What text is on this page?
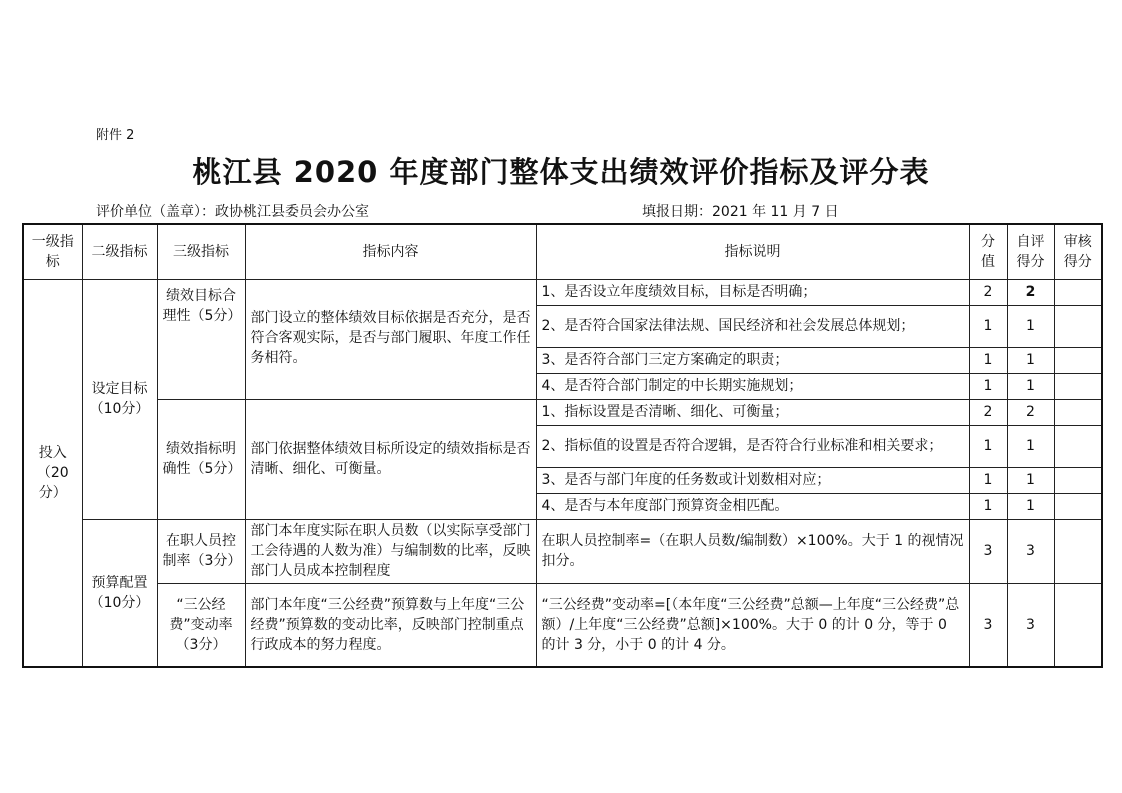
附件 2
桃江县 2020 年度部门整体支出绩效评价指标及评分表
评价单位（盖章）：政协桃江县委员会办公室	填报日期：2021 年 11 月 7 日
一级指标	二级指标	三级指标	指标内容	指标说明	分值	自评得分	审核得分
投入（20分）	设定目标（10分）	绩效目标合理性（5分）	部门设立的整体绩效目标依据是否充分，是否符合客观实际，是否与部门履职、年度工作任务相符。	1、是否设立年度绩效目标，目标是否明确；	2	2	
				2、是否符合国家法律法规、国民经济和社会发展总体规划；	1	1	
				3、是否符合部门三定方案确定的职责；	1	1	
				4、是否符合部门制定的中长期实施规划；	1	1	
		绩效指标明确性（5分）	部门依据整体绩效目标所设定的绩效指标是否清晰、细化、可衡量。	1、指标设置是否清晰、细化、可衡量；	2	2	
				2、指标值的设置是否符合逻辑，是否符合行业标准和相关要求；	1	1	
				3、是否与部门年度的任务数或计划数相对应；	1	1	
				4、是否与本年度部门预算资金相匹配。	1	1	
	预算配置（10分）	在职人员控制率（3分）	部门本年度实际在职人员数（以实际享受部门工会待遇的人数为准）与编制数的比率，反映部门人员成本控制程度	在职人员控制率=（在职人员数/编制数）×100%。大于 1 的视情况扣分。	3	3	
		“三公经费”变动率（3分）	部门本年度“三公经费”预算数与上年度“三公经费”预算数的变动比率，反映部门控制重点行政成本的努力程度。	“三公经费”变动率=[（本年度“三公经费”总额—上年度“三公经费”总额）/上年度“三公经费”总额]×100%。大于 0 的计 0 分，等于 0 的计 3 分，小于 0 的计 4 分。	3	3	
